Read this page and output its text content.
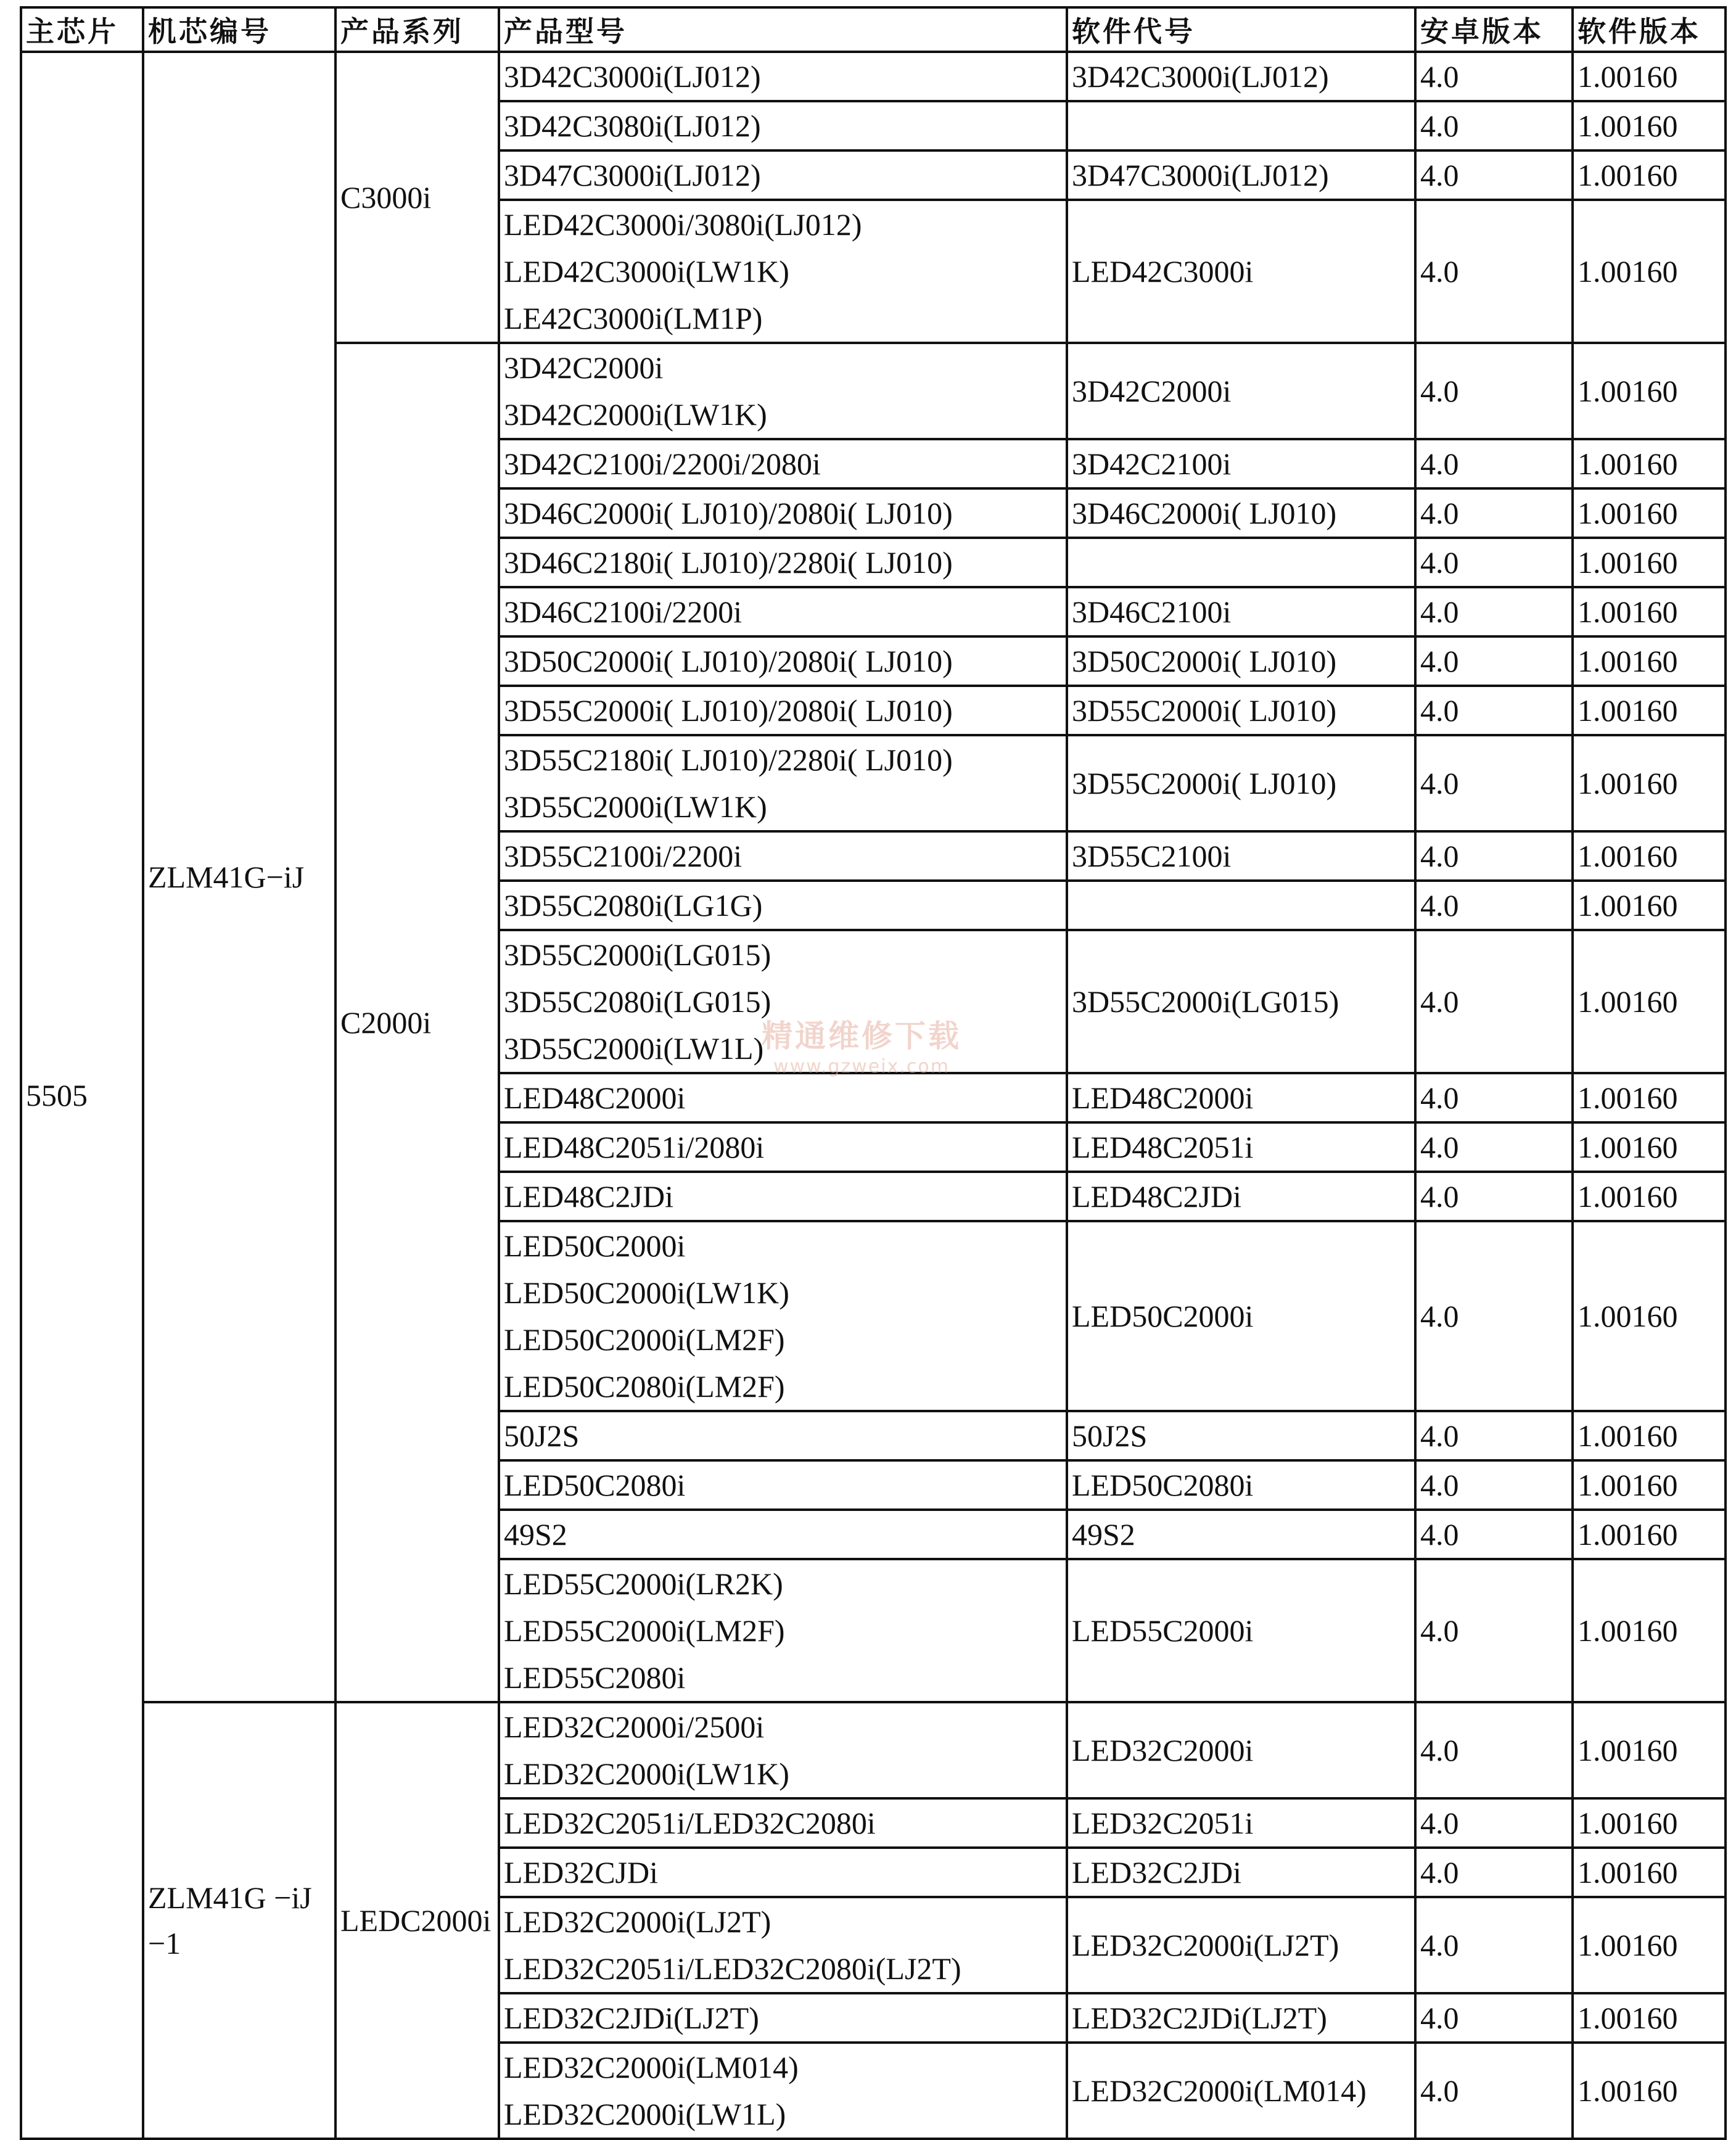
主芯片	机芯编号	产品系列	产品型号	软件代号	安卓版本	软件版本
5505	ZLM41G−iJ	C3000i	3D42C3000i(LJ012)	3D42C3000i(LJ012)	4.0	1.00160

			3D42C3080i(LJ012)		4.0	1.00160

			3D47C3000i(LJ012)	3D47C3000i(LJ012)	4.0	1.00160

			LED42C3000i/3080i(LJ012)
LED42C3000i(LW1K)
LE42C3000i(LM1P)	LED42C3000i	4.0	1.00160
		C2000i	3D42C2000i
3D42C2000i(LW1K)	3D42C2000i	4.0	1.00160

			3D42C2100i/2200i/2080i	3D42C2100i	4.0	1.00160

			3D46C2000i( LJ010)/2080i( LJ010)	3D46C2000i( LJ010)	4.0	1.00160

			3D46C2180i( LJ010)/2280i( LJ010)		4.0	1.00160

			3D46C2100i/2200i	3D46C2100i	4.0	1.00160

			3D50C2000i( LJ010)/2080i( LJ010)	3D50C2000i( LJ010)	4.0	1.00160

			3D55C2000i( LJ010)/2080i( LJ010)	3D55C2000i( LJ010)	4.0	1.00160

			3D55C2180i( LJ010)/2280i( LJ010)
3D55C2000i(LW1K)	3D55C2000i( LJ010)	4.0	1.00160

			3D55C2100i/2200i	3D55C2100i	4.0	1.00160

			3D55C2080i(LG1G)		4.0	1.00160

			3D55C2000i(LG015)
3D55C2080i(LG015)
3D55C2000i(LW1L)	3D55C2000i(LG015)	4.0	1.00160

			LED48C2000i	LED48C2000i	4.0	1.00160

			LED48C2051i/2080i	LED48C2051i	4.0	1.00160

			LED48C2JDi	LED48C2JDi	4.0	1.00160

			LED50C2000i
LED50C2000i(LW1K)
LED50C2000i(LM2F)
LED50C2080i(LM2F)	LED50C2000i	4.0	1.00160

			50J2S	50J2S	4.0	1.00160

			LED50C2080i	LED50C2080i	4.0	1.00160

			49S2	49S2	4.0	1.00160

			LED55C2000i(LR2K)
LED55C2000i(LM2F)
LED55C2080i	LED55C2000i	4.0	1.00160
	ZLM41G −iJ−1	LEDC2000i	LED32C2000i/2500i
LED32C2000i(LW1K)	LED32C2000i	4.0	1.00160

			LED32C2051i/LED32C2080i	LED32C2051i	4.0	1.00160

			LED32CJDi	LED32C2JDi	4.0	1.00160

			LED32C2000i(LJ2T)
LED32C2051i/LED32C2080i(LJ2T)	LED32C2000i(LJ2T)	4.0	1.00160

			LED32C2JDi(LJ2T)	LED32C2JDi(LJ2T)	4.0	1.00160

			LED32C2000i(LM014)
LED32C2000i(LW1L)	LED32C2000i(LM014)	4.0	1.00160
精通维修下载
www.gzweix.com
